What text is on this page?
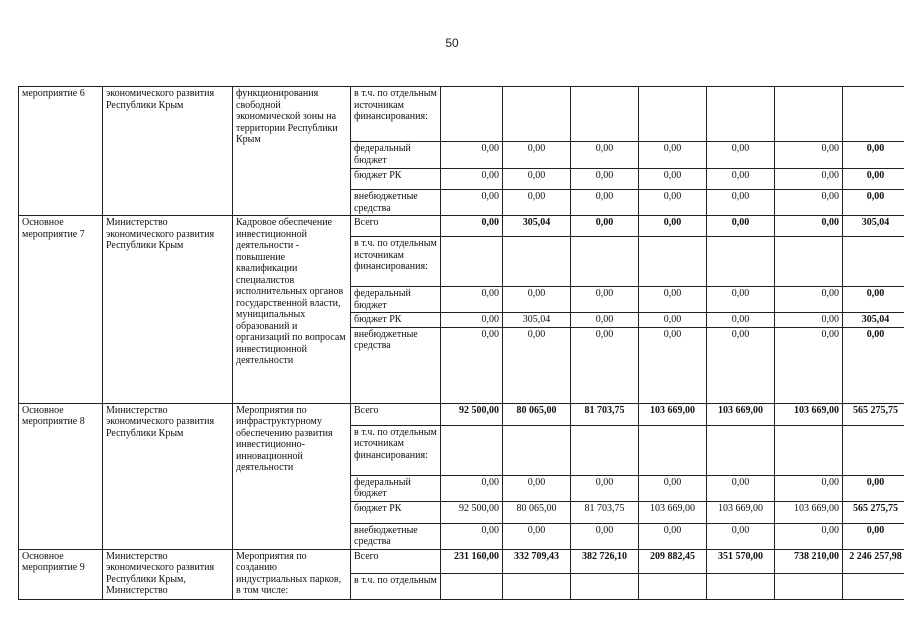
50
мероприятие 6	экономического развития Республики Крым	функционирования свободной экономической зоны на территории Республики Крым	в т.ч. по отдельным источникам финансирования:							
			федеральный бюджет	0,00	0,00	0,00	0,00	0,00	0,00	0,00
			бюджет РК	0,00	0,00	0,00	0,00	0,00	0,00	0,00
			внебюджетные средства	0,00	0,00	0,00	0,00	0,00	0,00	0,00
Основное мероприятие 7	Министерство экономического развития Республики Крым	Кадровое обеспечение инвестиционной деятельности - повышение квалификации специалистов исполнительных органов государственной власти, муниципальных образований и организаций по вопросам инвестиционной деятельности	Всего	0,00	305,04	0,00	0,00	0,00	0,00	305,04
			в т.ч. по отдельным источникам финансирования:							
			федеральный бюджет	0,00	0,00	0,00	0,00	0,00	0,00	0,00
			бюджет РК	0,00	305,04	0,00	0,00	0,00	0,00	305,04
			внебюджетные средства	0,00	0,00	0,00	0,00	0,00	0,00	0,00
Основное мероприятие 8	Министерство экономического развития Республики Крым	Мероприятия по инфраструктурному обеспечению развития инвестиционно-инновационной деятельности	Всего	92 500,00	80 065,00	81 703,75	103 669,00	103 669,00	103 669,00	565 275,75
			в т.ч. по отдельным источникам финансирования:							
			федеральный бюджет	0,00	0,00	0,00	0,00	0,00	0,00	0,00
			бюджет РК	92 500,00	80 065,00	81 703,75	103 669,00	103 669,00	103 669,00	565 275,75
			внебюджетные средства	0,00	0,00	0,00	0,00	0,00	0,00	0,00
Основное мероприятие 9	Министерство экономического развития Республики Крым, Министерство	Мероприятия по созданию индустриальных парков, в том числе:	Всего	231 160,00	332 709,43	382 726,10	209 882,45	351 570,00	738 210,00	2 246 257,98
			в т.ч. по отдельным							
